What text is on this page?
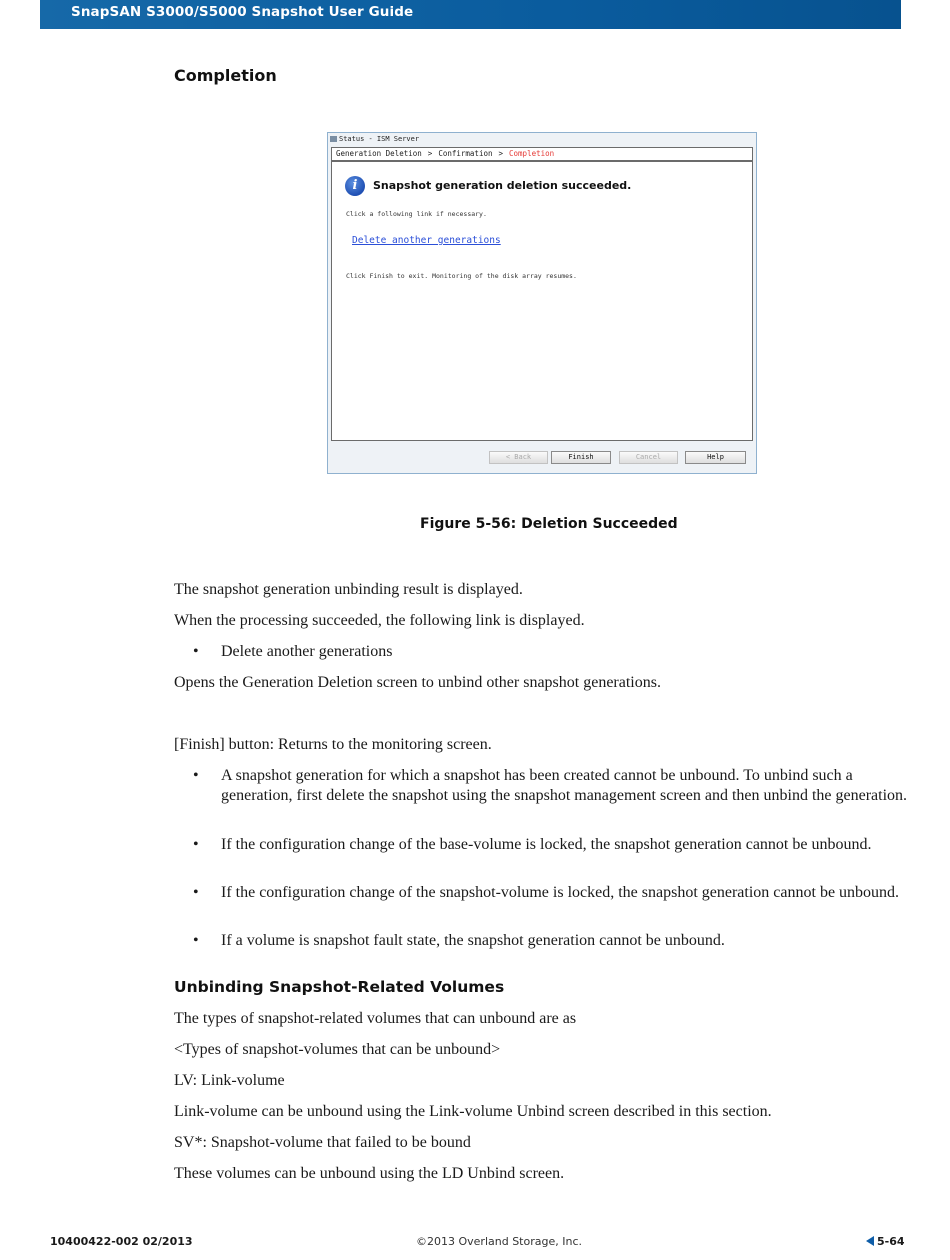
SnapSAN S3000/S5000 Snapshot User Guide
Completion
Status - ISM Server
Generation Deletion > Confirmation > Completion
i	Snapshot generation deletion succeeded.
Click a following link if necessary.
Delete another generations
Click Finish to exit. Monitoring of the disk array resumes.
< Back	Finish	Cancel	Help
Figure 5-56: Deletion Succeeded

The snapshot generation unbinding result is displayed.

When the processing succeeded, the following link is displayed.

• Delete another generations

Opens the Generation Deletion screen to unbind other snapshot generations.

[Finish] button: Returns to the monitoring screen.

• A snapshot generation for which a snapshot has been created cannot be unbound. To unbind such a generation, first delete the snapshot using the snapshot management screen and then unbind the generation.

• If the configuration change of the base-volume is locked, the snapshot generation cannot be unbound.

• If the configuration change of the snapshot-volume is locked, the snapshot generation cannot be unbound.

• If a volume is snapshot fault state, the snapshot generation cannot be unbound.

Unbinding Snapshot-Related Volumes

The types of snapshot-related volumes that can unbound are as

<Types of snapshot-volumes that can be unbound>

LV: Link-volume

Link-volume can be unbound using the Link-volume Unbind screen described in this section.

SV*: Snapshot-volume that failed to be bound

These volumes can be unbound using the LD Unbind screen.

10400422-002 02/2013	©2013 Overland Storage, Inc.	5-64
